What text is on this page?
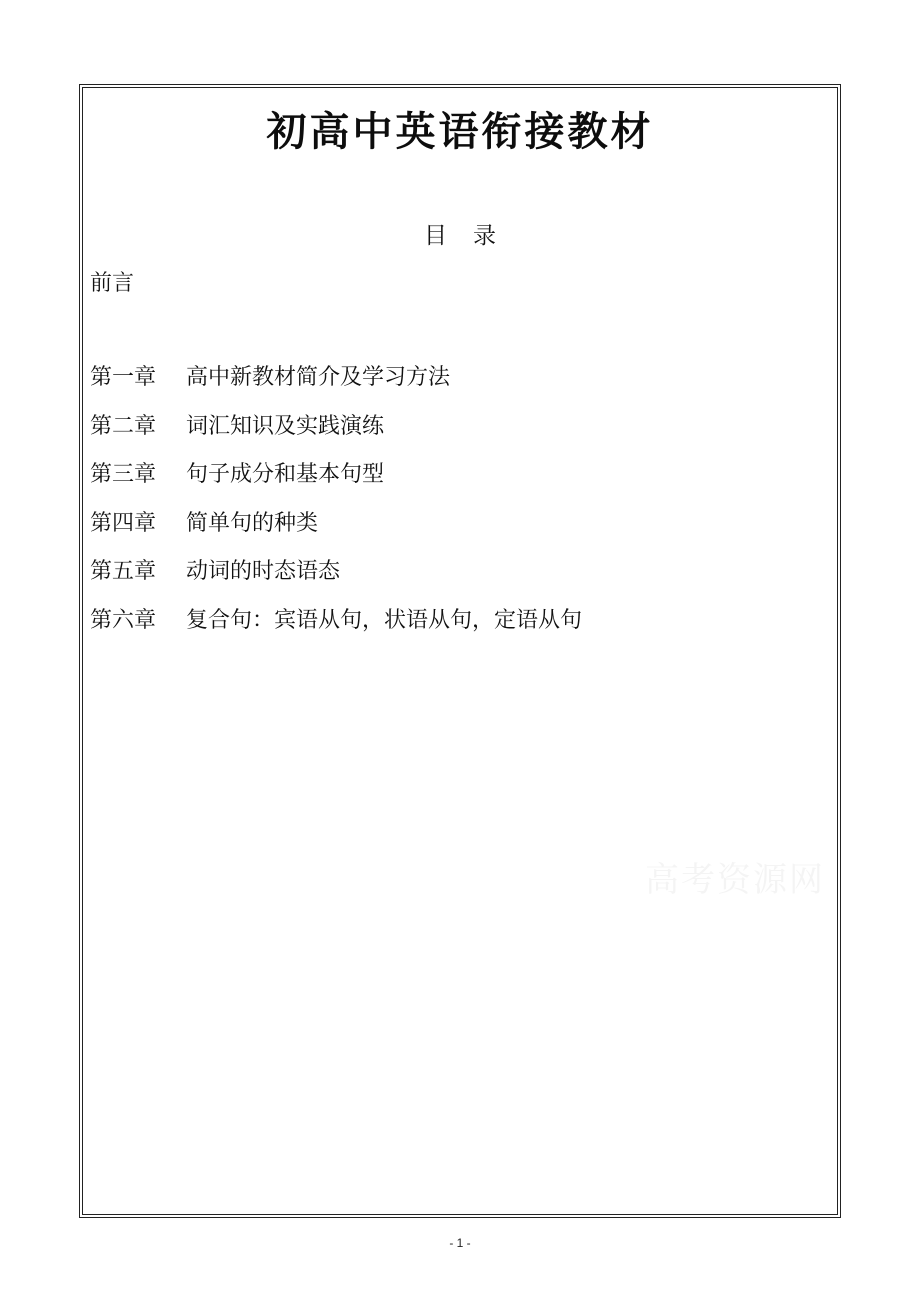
初高中英语衔接教材
目录
前言
第一章 高中新教材简介及学习方法
第二章 词汇知识及实践演练
第三章 句子成分和基本句型
第四章 简单句的种类
第五章 动词的时态语态
第六章 复合句：宾语从句，状语从句，定语从句
高考资源网
- 1 -
